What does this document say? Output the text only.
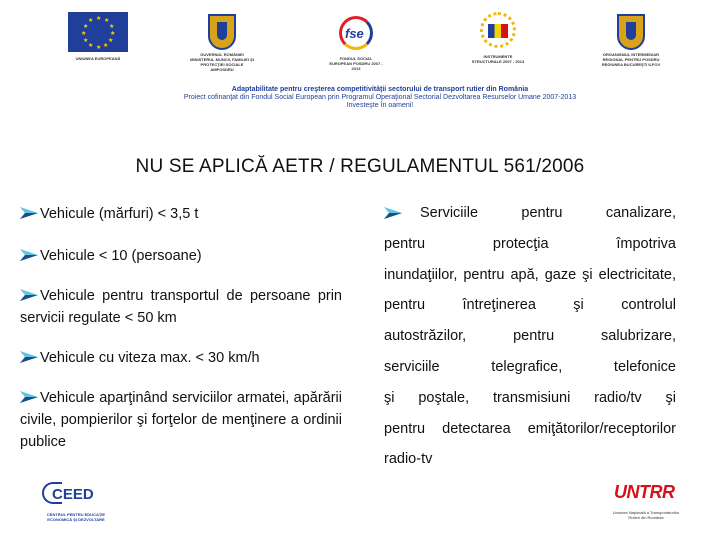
★ ★
★
★
★
★
★
★
★
★
★
★
UNIUNEA EUROPEANĂ
GUVERNUL ROMÂNIEI MINISTERUL MUNCII, FAMILIEI ŞI PROTECŢIEI SOCIALE AMPOSDRU
fse
FONDUL SOCIAL EUROPEAN POSDRU 2007 - 2013
INSTRUMENTE STRUCTURALE 2007 - 2013
ORGANISMUL INTERMEDIAR REGIONAL PENTRU POSDRU REGIUNEA BUCUREŞTI ILFOV
Adaptabilitate pentru creşterea competitivităţii sectorului de transport rutier din România
Proiect cofinanţat din Fondul Social European prin Programul Operaţional Sectorial Dezvoltarea Resurselor Umane 2007-2013
Investeşte în oameni!
NU SE APLICĂ AETR / REGULAMENTUL 561/2006
Vehicule (mărfuri) < 3,5 t
Vehicule < 10 (persoane)
Vehicule pentru transportul de persoane prin servicii regulate < 50 km
Vehicule cu viteza max. < 30 km/h
Vehicule aparţinând serviciilor armatei, apărării civile, pompierilor şi forţelor de menţinere a ordinii publice
Serviciile pentru canalizare,
pentru protecţia împotriva
inundaţiilor, pentru apă, gaze şi electricitate,
pentru întreţinerea şi controlul
autostrăzilor, pentru salubrizare,
serviciile telegrafice, telefonice
şi poştale, transmisiuni radio/tv şi
pentru detectarea emiţătorilor/receptorilor radio-tv
CEED
CENTRUL PENTRU EDUCAŢIE ECONOMICĂ ŞI DEZVOLTARE
UNTRR
Uniunea Naţională a Transportatorilor Rutieri din România
